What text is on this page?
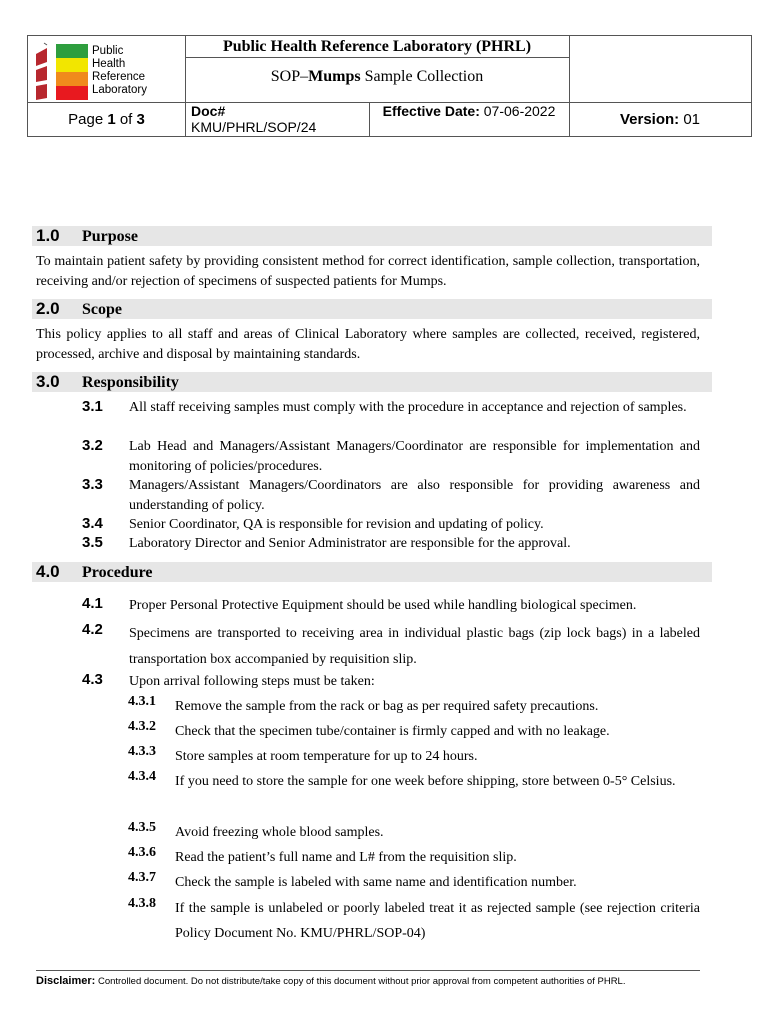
Public
Health
Reference
Laboratory
Public Health Reference Laboratory (PHRL)
SOP–Mumps Sample Collection
Page 1 of 3	Doc#
KMU/PHRL/SOP/24
Effective Date: 07-06-2022	Version: 01
1.0 Purpose
To maintain patient safety by providing consistent method for correct identification, sample collection, transportation, receiving and/or rejection of specimens of suspected patients for Mumps.
2.0 Scope
This policy applies to all staff and areas of Clinical Laboratory where samples are collected, received, registered, processed, archive and disposal by maintaining standards.
3.0 Responsibility
3.1 All staff receiving samples must comply with the procedure in acceptance and rejection of samples.
3.2 Lab Head and Managers/Assistant Managers/Coordinator are responsible for implementation and monitoring of policies/procedures.
3.3 Managers/Assistant Managers/Coordinators are also responsible for providing awareness and understanding of policy.
3.4 Senior Coordinator, QA is responsible for revision and updating of policy.
3.5 Laboratory Director and Senior Administrator are responsible for the approval.
4.0 Procedure
4.1 Proper Personal Protective Equipment should be used while handling biological specimen.
4.2 Specimens are transported to receiving area in individual plastic bags (zip lock bags) in a labeled transportation box accompanied by requisition slip.
4.3 Upon arrival following steps must be taken:
4.3.1 Remove the sample from the rack or bag as per required safety precautions.
4.3.2 Check that the specimen tube/container is firmly capped and with no leakage.
4.3.3 Store samples at room temperature for up to 24 hours.
4.3.4 If you need to store the sample for one week before shipping, store between 0-5° Celsius.
4.3.5 Avoid freezing whole blood samples.
4.3.6 Read the patient’s full name and L# from the requisition slip.
4.3.7 Check the sample is labeled with same name and identification number.
4.3.8 If the sample is unlabeled or poorly labeled treat it as rejected sample (see rejection criteria Policy Document No. KMU/PHRL/SOP-04)
Disclaimer: Controlled document. Do not distribute/take copy of this document without prior approval from competent authorities of PHRL.
